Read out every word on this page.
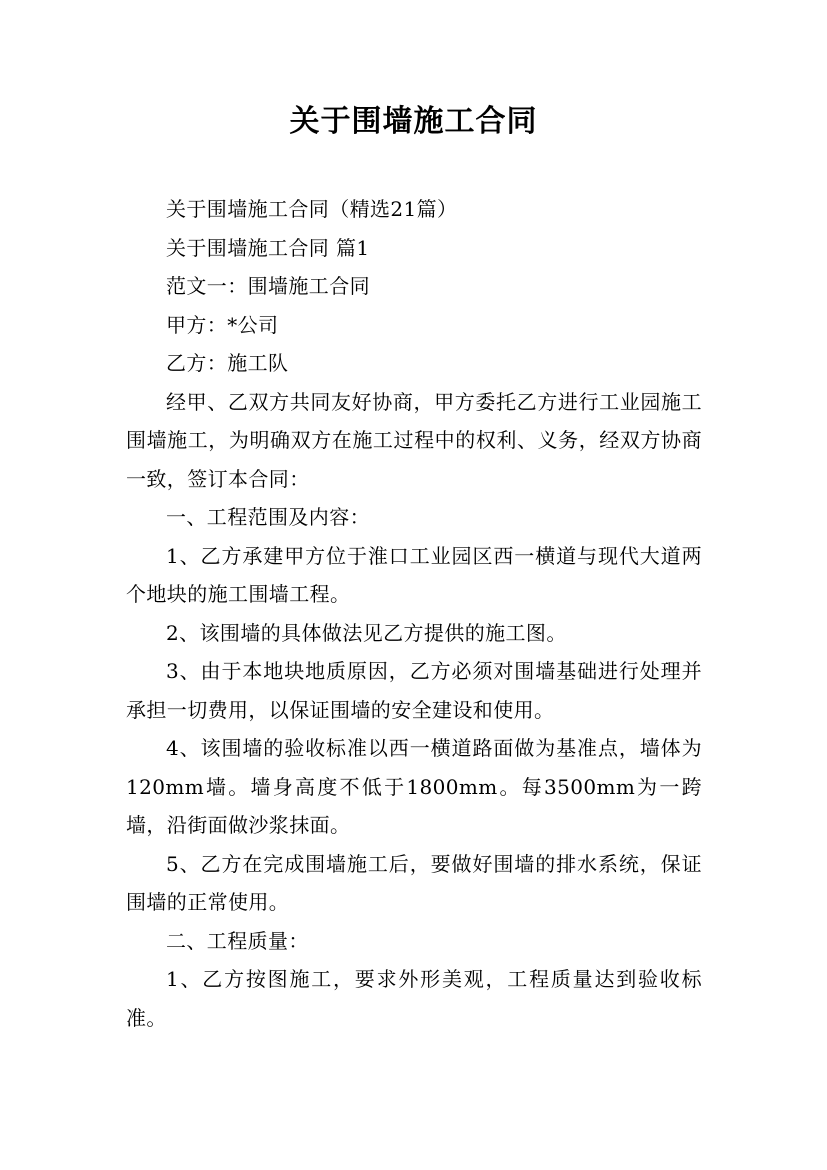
关于围墙施工合同

关于围墙施工合同（精选21篇）

关于围墙施工合同 篇1

范文一：围墙施工合同

甲方：*公司

乙方：施工队

经甲、乙双方共同友好协商，甲方委托乙方进行工业园施工围墙施工，为明确双方在施工过程中的权利、义务，经双方协商一致，签订本合同：

一、工程范围及内容：

1、乙方承建甲方位于淮口工业园区西一横道与现代大道两个地块的施工围墙工程。

2、该围墙的具体做法见乙方提供的施工图。

3、由于本地块地质原因，乙方必须对围墙基础进行处理并承担一切费用，以保证围墙的安全建设和使用。

4、该围墙的验收标准以西一横道路面做为基准点，墙体为120mm墙。墙身高度不低于1800mm。每3500mm为一跨墙，沿街面做沙浆抹面。

5、乙方在完成围墙施工后，要做好围墙的排水系统，保证围墙的正常使用。

二、工程质量：

1、乙方按图施工，要求外形美观，工程质量达到验收标准。
